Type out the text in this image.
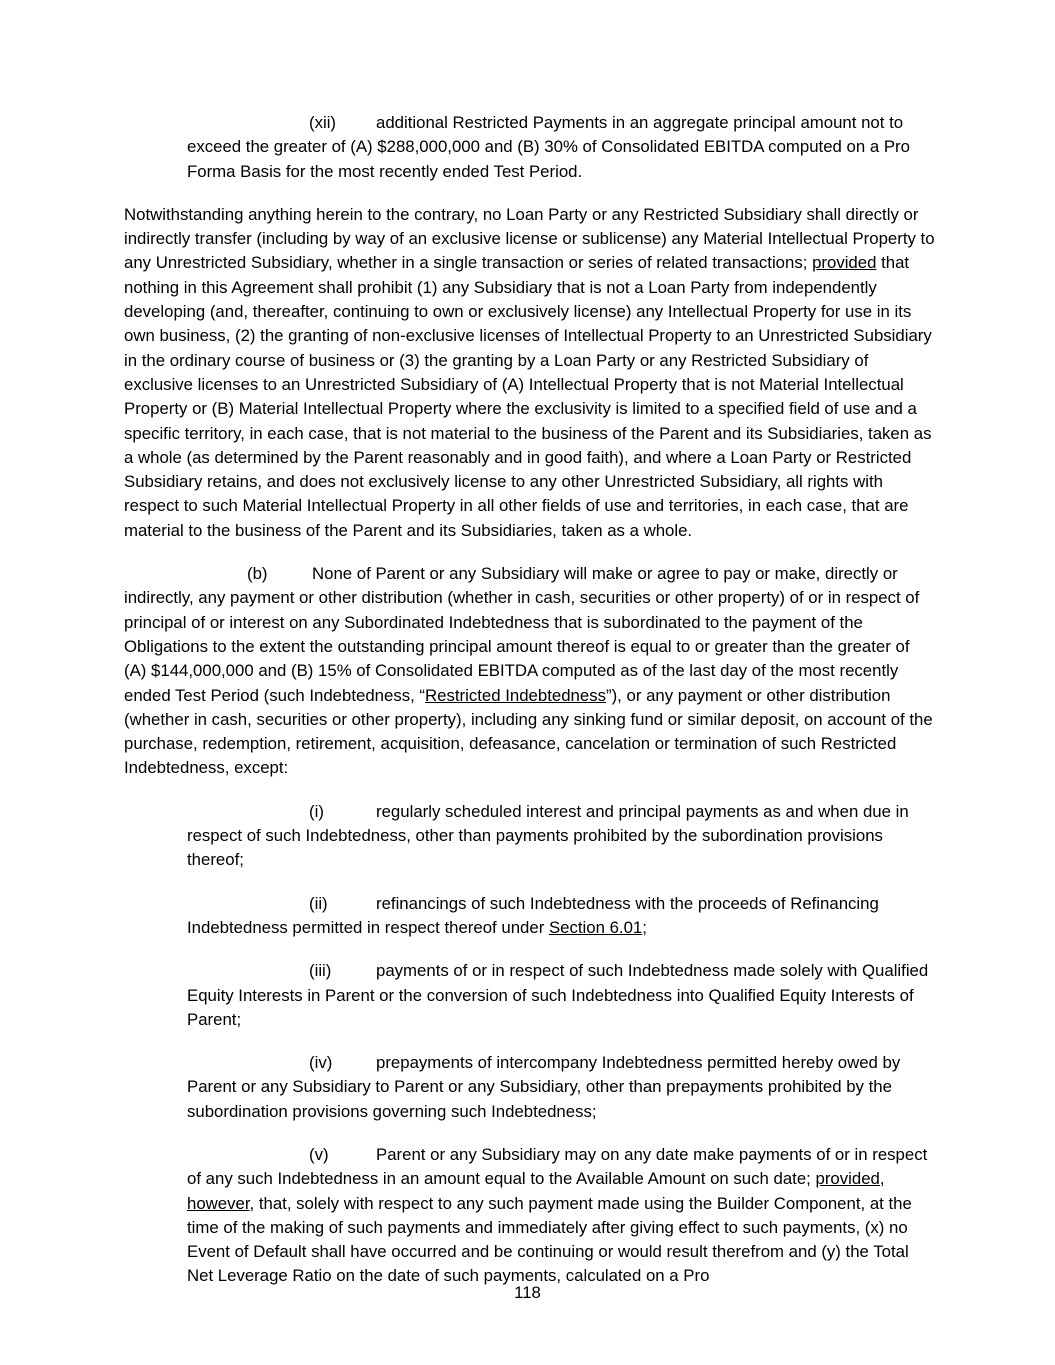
(xii) additional Restricted Payments in an aggregate principal amount not to exceed the greater of (A) $288,000,000 and (B) 30% of Consolidated EBITDA computed on a Pro Forma Basis for the most recently ended Test Period.

Notwithstanding anything herein to the contrary, no Loan Party or any Restricted Subsidiary shall directly or indirectly transfer (including by way of an exclusive license or sublicense) any Material Intellectual Property to any Unrestricted Subsidiary, whether in a single transaction or series of related transactions; provided that nothing in this Agreement shall prohibit (1) any Subsidiary that is not a Loan Party from independently developing (and, thereafter, continuing to own or exclusively license) any Intellectual Property for use in its own business, (2) the granting of non-exclusive licenses of Intellectual Property to an Unrestricted Subsidiary in the ordinary course of business or (3) the granting by a Loan Party or any Restricted Subsidiary of exclusive licenses to an Unrestricted Subsidiary of (A) Intellectual Property that is not Material Intellectual Property or (B) Material Intellectual Property where the exclusivity is limited to a specified field of use and a specific territory, in each case, that is not material to the business of the Parent and its Subsidiaries, taken as a whole (as determined by the Parent reasonably and in good faith), and where a Loan Party or Restricted Subsidiary retains, and does not exclusively license to any other Unrestricted Subsidiary, all rights with respect to such Material Intellectual Property in all other fields of use and territories, in each case, that are material to the business of the Parent and its Subsidiaries, taken as a whole.

(b)	None of Parent or any Subsidiary will make or agree to pay or make, directly or indirectly, any payment or other distribution (whether in cash, securities or other property) of or in respect of principal of or interest on any Subordinated Indebtedness that is subordinated to the payment of the Obligations to the extent the outstanding principal amount thereof is equal to or greater than the greater of (A) $144,000,000 and (B) 15% of Consolidated EBITDA computed as of the last day of the most recently ended Test Period (such Indebtedness, “Restricted Indebtedness”), or any payment or other distribution (whether in cash, securities or other property), including any sinking fund or similar deposit, on account of the purchase, redemption, retirement, acquisition, defeasance, cancelation or termination of such Restricted Indebtedness, except:

(i)	regularly scheduled interest and principal payments as and when due in respect of such Indebtedness, other than payments prohibited by the subordination provisions thereof;

(ii)	refinancings of such Indebtedness with the proceeds of Refinancing Indebtedness permitted in respect thereof under Section 6.01;

(iii)	payments of or in respect of such Indebtedness made solely with Qualified Equity Interests in Parent or the conversion of such Indebtedness into Qualified Equity Interests of Parent;

(iv)	prepayments of intercompany Indebtedness permitted hereby owed by Parent or any Subsidiary to Parent or any Subsidiary, other than prepayments prohibited by the subordination provisions governing such Indebtedness;

(v)	Parent or any Subsidiary may on any date make payments of or in respect of any such Indebtedness in an amount equal to the Available Amount on such date; provided, however, that, solely with respect to any such payment made using the Builder Component, at the time of the making of such payments and immediately after giving effect to such payments, (x) no Event of Default shall have occurred and be continuing or would result therefrom and (y) the Total Net Leverage Ratio on the date of such payments, calculated on a Pro

118
